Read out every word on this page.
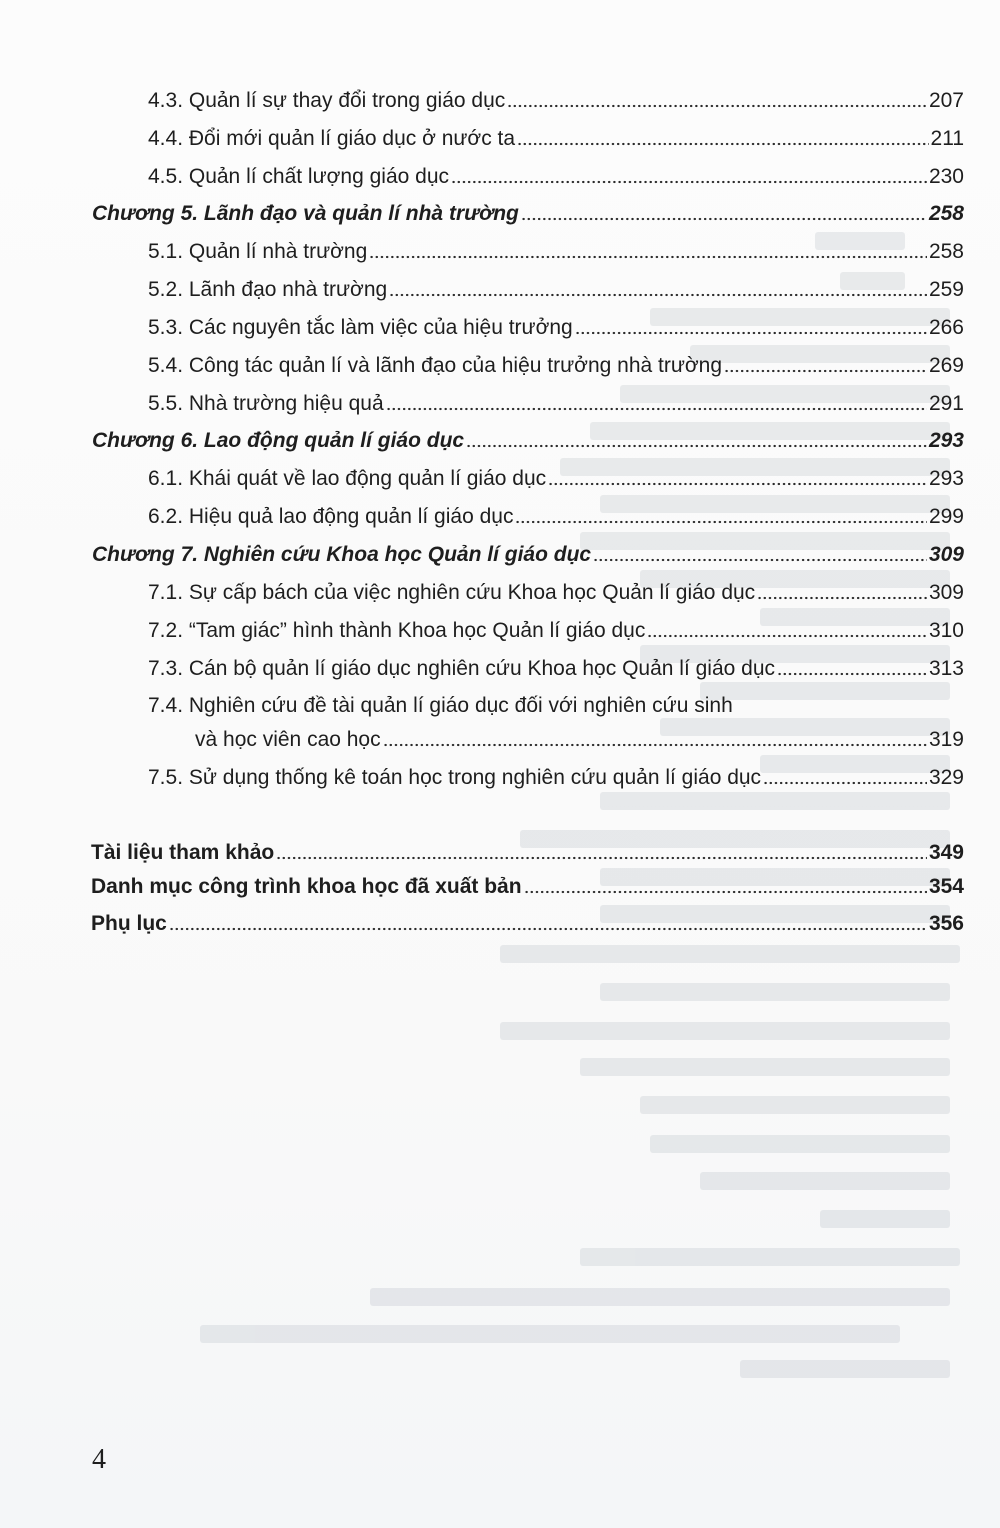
4.3. Quản lí sự thay đổi trong giáo dục	207
4.4. Đổi mới quản lí giáo dục ở nước ta	211
4.5. Quản lí chất lượng giáo dục	230
Chương 5. Lãnh đạo và quản lí nhà trường	258
5.1. Quản lí nhà trường	258
5.2. Lãnh đạo nhà trường	259
5.3. Các nguyên tắc làm việc của hiệu trưởng	266
5.4. Công tác quản lí và lãnh đạo của hiệu trưởng nhà trường	269
5.5. Nhà trường hiệu quả	291
Chương 6. Lao động quản lí giáo dục	293
6.1. Khái quát về lao động quản lí giáo dục	293
6.2. Hiệu quả lao động quản lí giáo dục	299
Chương 7. Nghiên cứu Khoa học Quản lí giáo dục	309
7.1. Sự cấp bách của việc nghiên cứu Khoa học Quản lí giáo dục	309
7.2. “Tam giác” hình thành Khoa học Quản lí giáo dục	310
7.3. Cán bộ quản lí giáo dục nghiên cứu Khoa học Quản lí giáo dục	313
7.4. Nghiên cứu đề tài quản lí giáo dục đối với nghiên cứu sinh
và học viên cao học	319
7.5. Sử dụng thống kê toán học trong nghiên cứu quản lí giáo dục	329
Tài liệu tham khảo	349
Danh mục công trình khoa học đã xuất bản	354
Phụ lục	356
4
